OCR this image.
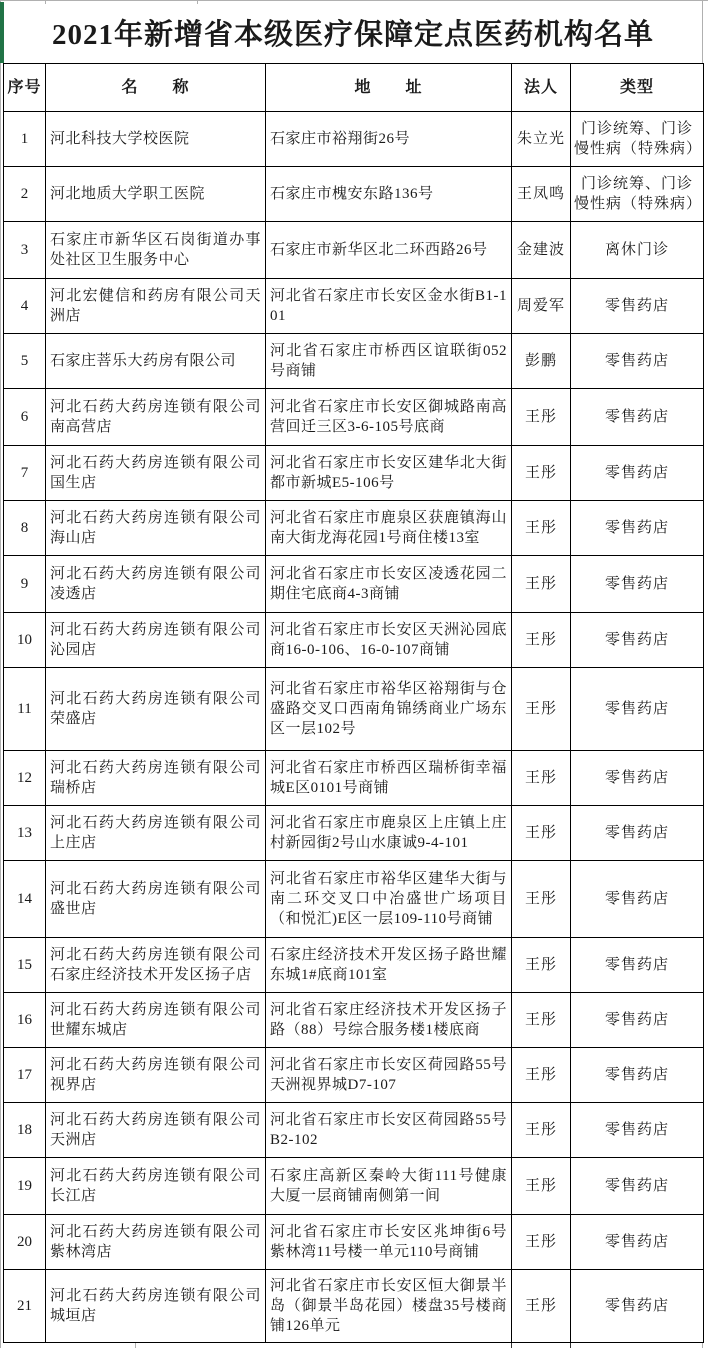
2021年新增省本级医疗保障定点医药机构名单
序号	名　　称	地　　址	法人	类型
1	河北科技大学校医院	石家庄市裕翔街26号	朱立光	门诊统筹、门诊慢性病（特殊病）
2	河北地质大学职工医院	石家庄市槐安东路136号	王凤鸣	门诊统筹、门诊慢性病（特殊病）
3	石家庄市新华区石岗街道办事处社区卫生服务中心	石家庄市新华区北二环西路26号	金建波	离休门诊
4	河北宏健信和药房有限公司天洲店	河北省石家庄市长安区金水街B1-101	周爱军	零售药店
5	石家庄菩乐大药房有限公司	河北省石家庄市桥西区谊联街052号商铺	彭鹏	零售药店
6	河北石药大药房连锁有限公司南高营店	河北省石家庄市长安区御城路南高营回迁三区3-6-105号底商	王彤	零售药店
7	河北石药大药房连锁有限公司国生店	河北省石家庄市长安区建华北大街都市新城E5-106号	王彤	零售药店
8	河北石药大药房连锁有限公司海山店	河北省石家庄市鹿泉区获鹿镇海山南大街龙海花园1号商住楼13室	王彤	零售药店
9	河北石药大药房连锁有限公司凌透店	河北省石家庄市长安区凌透花园二期住宅底商4-3商铺	王彤	零售药店
10	河北石药大药房连锁有限公司沁园店	河北省石家庄市长安区天洲沁园底商16-0-106、16-0-107商铺	王彤	零售药店
11	河北石药大药房连锁有限公司荣盛店	河北省石家庄市裕华区裕翔街与仓盛路交叉口西南角锦绣商业广场东区一层102号	王彤	零售药店
12	河北石药大药房连锁有限公司瑞桥店	河北省石家庄市桥西区瑞桥街幸福城E区0101号商铺	王彤	零售药店
13	河北石药大药房连锁有限公司上庄店	河北省石家庄市鹿泉区上庄镇上庄村新园街2号山水康诚9-4-101	王彤	零售药店
14	河北石药大药房连锁有限公司盛世店	河北省石家庄市裕华区建华大街与南二环交叉口中冶盛世广场项目（和悦汇)E区一层109-110号商铺	王彤	零售药店
15	河北石药大药房连锁有限公司石家庄经济技术开发区扬子店	石家庄经济技术开发区扬子路世耀东城1#底商101室	王彤	零售药店
16	河北石药大药房连锁有限公司世耀东城店	河北省石家庄经济技术开发区扬子路（88）号综合服务楼1楼底商	王彤	零售药店
17	河北石药大药房连锁有限公司视界店	河北省石家庄市长安区荷园路55号天洲视界城D7-107	王彤	零售药店
18	河北石药大药房连锁有限公司天洲店	河北省石家庄市长安区荷园路55号B2-102	王彤	零售药店
19	河北石药大药房连锁有限公司长江店	石家庄高新区秦岭大街111号健康大厦一层商铺南侧第一间	王彤	零售药店
20	河北石药大药房连锁有限公司紫林湾店	河北省石家庄市长安区兆坤街6号紫林湾11号楼一单元110号商铺	王彤	零售药店
21	河北石药大药房连锁有限公司城垣店	河北省石家庄市长安区恒大御景半岛（御景半岛花园）楼盘35号楼商铺126单元	王彤	零售药店
